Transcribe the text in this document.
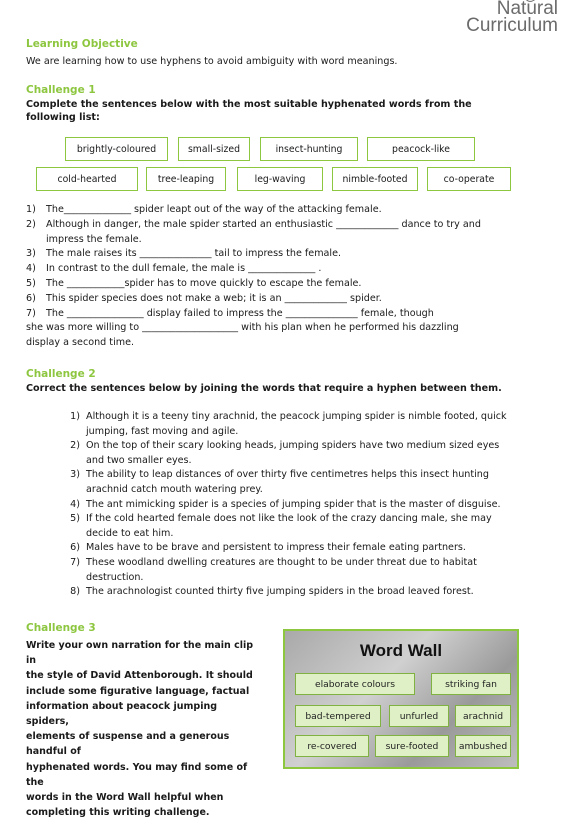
Natural
Curriculum
Learning Objective
We are learning how to use hyphens to avoid ambiguity with word meanings.
Challenge 1
Complete the sentences below with the most suitable hyphenated words from the following list:
brightly-coloured	small-sized	insect-hunting	peacock-like
cold-hearted	tree-leaping	leg-waving	nimble-footed	co-operate
1)	The______________ spider leapt out of the way of the attacking female.
2)	Although in danger, the male spider started an enthusiastic _____________ dance to try and
impress the female.
3)	The male raises its _______________ tail to impress the female.
4)	In contrast to the dull female, the male is ______________ .
5)	The ____________spider has to move quickly to escape the female.
6)	This spider species does not make a web; it is an _____________ spider.
7)	The ________________ display failed to impress the _______________ female, though
she was more willing to ____________________ with his plan when he performed his dazzling
display a second time.
Challenge 2
Correct the sentences below by joining the words that require a hyphen between them.
1) Although it is a teeny tiny arachnid, the peacock jumping spider is nimble footed, quick
jumping, fast moving and agile.
2) On the top of their scary looking heads, jumping spiders have two medium sized eyes
and two smaller eyes.
3) The ability to leap distances of over thirty five centimetres helps this insect hunting
arachnid catch mouth watering prey.
4) The ant mimicking spider is a species of jumping spider that is the master of disguise.
5) If the cold hearted female does not like the look of the crazy dancing male, she may
decide to eat him.
6) Males have to be brave and persistent to impress their female eating partners.
7) These woodland dwelling creatures are thought to be under threat due to habitat
destruction.
8) The arachnologist counted thirty five jumping spiders in the broad leaved forest.
Challenge 3
Write your own narration for the main clip in
the style of David Attenborough. It should
include some figurative language, factual
information about peacock jumping spiders,
elements of suspense and a generous handful of
hyphenated words. You may find some of the
words in the Word Wall helpful when
completing this writing challenge.
Word Wall
elaborate colours	striking fan
bad-tempered	unfurled	arachnid
re-covered	sure-footed	ambushed
